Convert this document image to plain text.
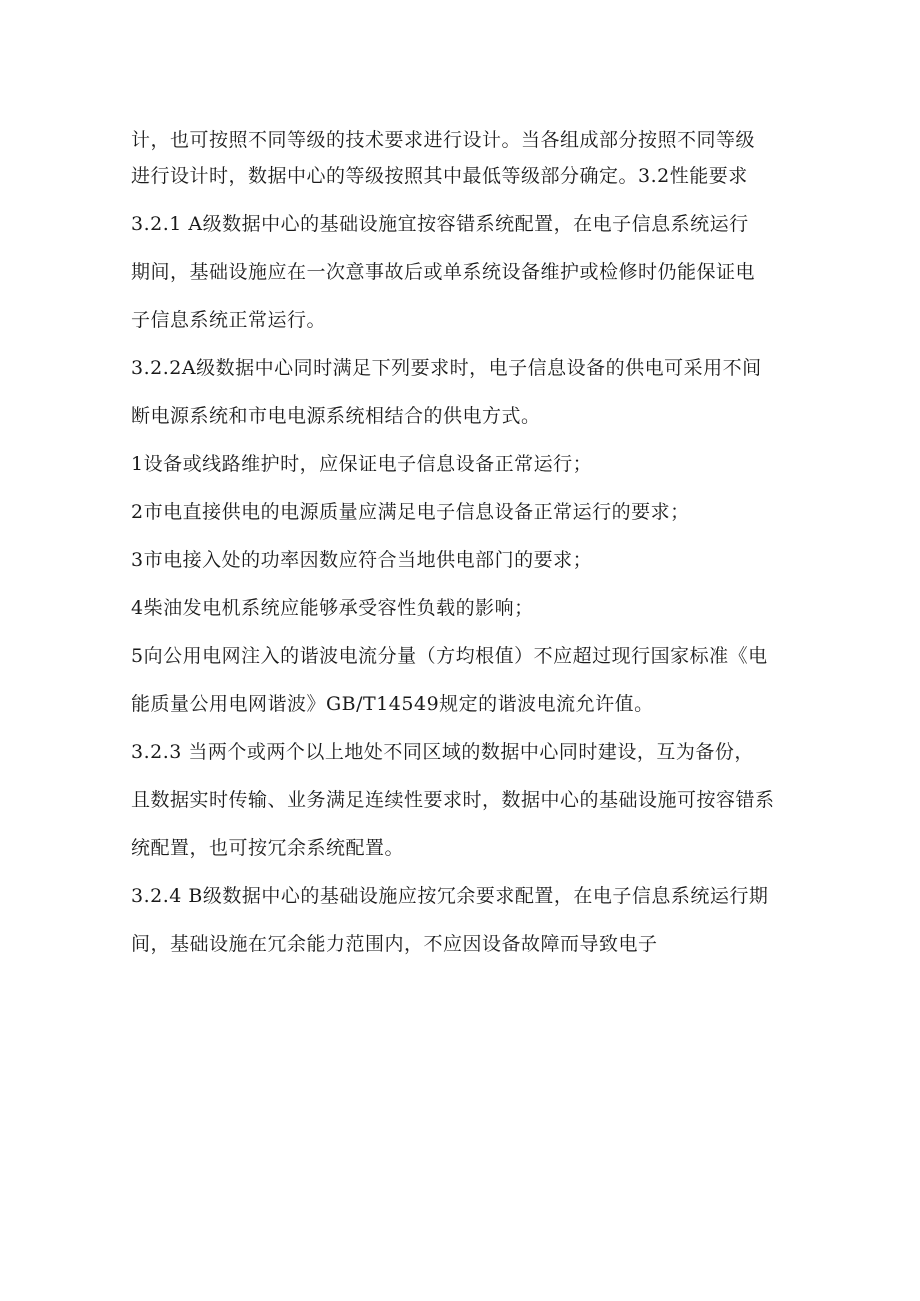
计，也可按照不同等级的技术要求进行设计。当各组成部分按照不同等级
进行设计时，数据中心的等级按照其中最低等级部分确定。3.2性能要求
3.2.1 A级数据中心的基础设施宜按容错系统配置，在电子信息系统运行
期间，基础设施应在一次意事故后或单系统设备维护或检修时仍能保证电
子信息系统正常运行。
3.2.2A级数据中心同时满足下列要求时，电子信息设备的供电可采用不间
断电源系统和市电电源系统相结合的供电方式。
1设备或线路维护时，应保证电子信息设备正常运行；
2市电直接供电的电源质量应满足电子信息设备正常运行的要求；
3市电接入处的功率因数应符合当地供电部门的要求；
4柴油发电机系统应能够承受容性负载的影响；
5向公用电网注入的谐波电流分量（方均根值）不应超过现行国家标准《电
能质量公用电网谐波》GB/T14549规定的谐波电流允许值。
3.2.3 当两个或两个以上地处不同区域的数据中心同时建设，互为备份，
且数据实时传输、业务满足连续性要求时，数据中心的基础设施可按容错系
统配置，也可按冗余系统配置。
3.2.4 B级数据中心的基础设施应按冗余要求配置，在电子信息系统运行期
间，基础设施在冗余能力范围内，不应因设备故障而导致电子
